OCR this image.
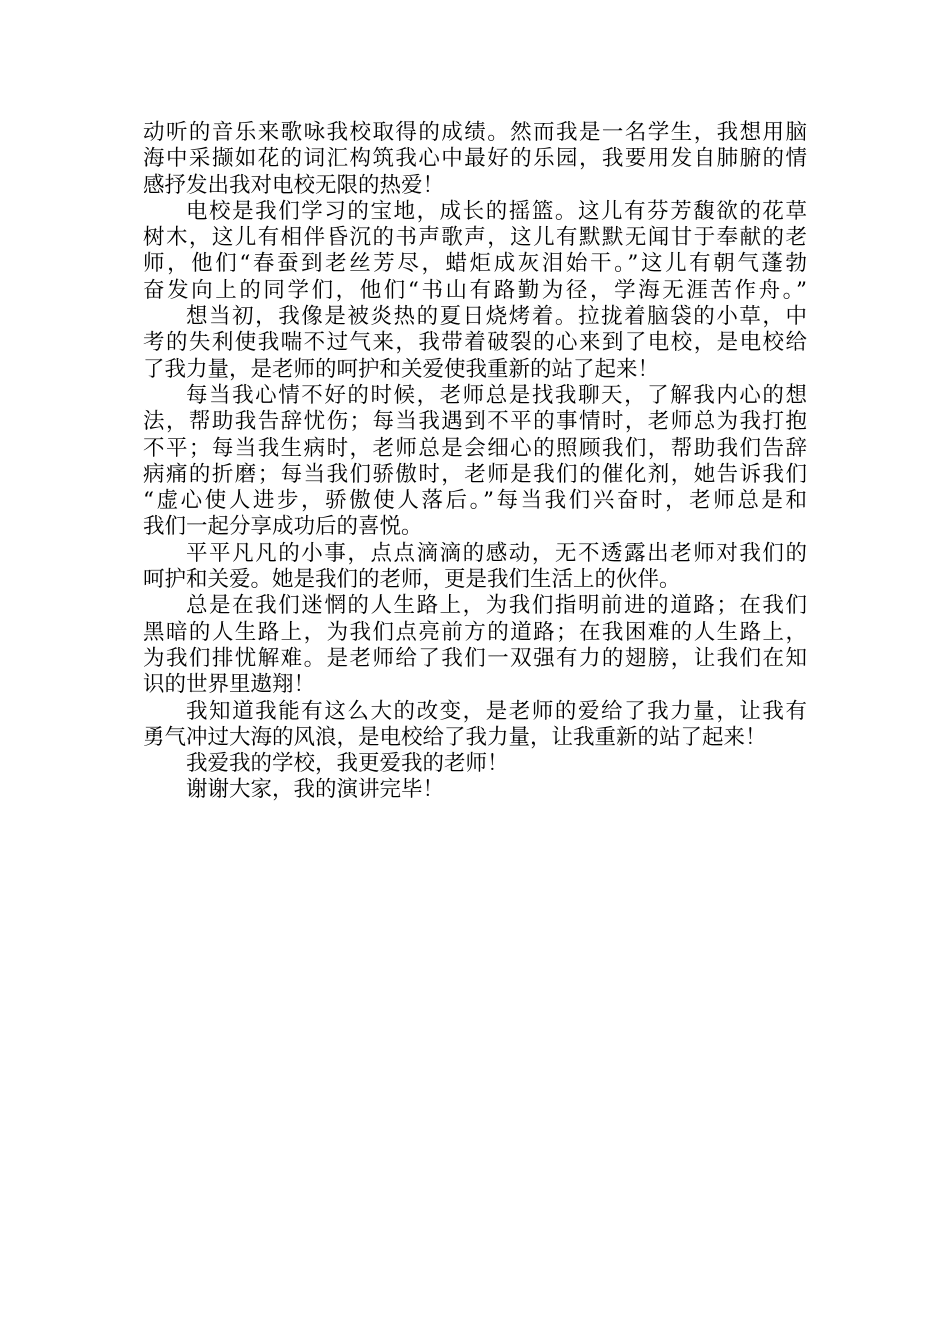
动听的音乐来歌咏我校取得的成绩。然而我是一名学生，我想用脑
海中采撷如花的词汇构筑我心中最好的乐园，我要用发自肺腑的情
感抒发出我对电校无限的热爱！
电校是我们学习的宝地，成长的摇篮。这儿有芬芳馥欲的花草
树木，这儿有相伴昏沉的书声歌声，这儿有默默无闻甘于奉献的老
师，他们“春蚕到老丝芳尽，蜡炬成灰泪始干。”这儿有朝气蓬勃
奋发向上的同学们，他们“书山有路勤为径，学海无涯苦作舟。”
想当初，我像是被炎热的夏日烧烤着。拉拢着脑袋的小草，中
考的失利使我喘不过气来，我带着破裂的心来到了电校，是电校给
了我力量，是老师的呵护和关爱使我重新的站了起来！
每当我心情不好的时候，老师总是找我聊天，了解我内心的想
法，帮助我告辞忧伤；每当我遇到不平的事情时，老师总为我打抱
不平；每当我生病时，老师总是会细心的照顾我们，帮助我们告辞
病痛的折磨；每当我们骄傲时，老师是我们的催化剂，她告诉我们
“虚心使人进步，骄傲使人落后。”每当我们兴奋时，老师总是和
我们一起分享成功后的喜悦。
平平凡凡的小事，点点滴滴的感动，无不透露出老师对我们的
呵护和关爱。她是我们的老师，更是我们生活上的伙伴。
总是在我们迷惘的人生路上，为我们指明前进的道路；在我们
黑暗的人生路上，为我们点亮前方的道路；在我困难的人生路上，
为我们排忧解难。是老师给了我们一双强有力的翅膀，让我们在知
识的世界里遨翔！
我知道我能有这么大的改变，是老师的爱给了我力量，让我有
勇气冲过大海的风浪，是电校给了我力量，让我重新的站了起来！
我爱我的学校，我更爱我的老师！
谢谢大家，我的演讲完毕！
